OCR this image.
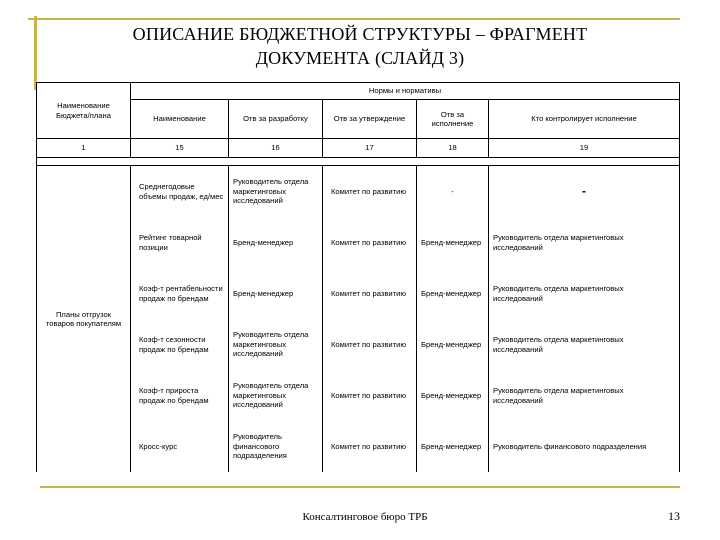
ОПИСАНИЕ БЮДЖЕТНОЙ СТРУКТУРЫ – ФРАГМЕНТ
ДОКУМЕНТА (СЛАЙД 3)
Наименование Бюджета/плана	Нормы и нормативы				
	Наименование	Отв за разработку	Отв за утверждение	Отв за исполнение	Кто контролирует исполнение
1	15	16	17	18	19

Планы отгрузок товаров покупателям	Среднегодовые объемы продаж, ед/мес	Руководитель отдела маркетинговых исследований	Комитет по развитию	-	-
	Рейтинг товарной позиции	Бренд-менеджер	Комитет по развитию	Бренд-менеджер	Руководитель отдела маркетинговых исследований
	Коэф-т рентабельности продаж по брендам	Бренд-менеджер	Комитет по развитию	Бренд-менеджер	Руководитель отдела маркетинговых исследований
	Коэф-т сезонности продаж по брендам	Руководитель отдела маркетинговых исследований	Комитет по развитию	Бренд-менеджер	Руководитель отдела маркетинговых исследований
	Коэф-т прироста продаж по брендам	Руководитель отдела маркетинговых исследований	Комитет по развитию	Бренд-менеджер	Руководитель отдела маркетинговых исследований
	Кросс-курс	Руководитель финансового подразделения	Комитет по развитию	Бренд-менеджер	Руководитель финансового подразделения
Консалтинговое бюро ТРБ	13
